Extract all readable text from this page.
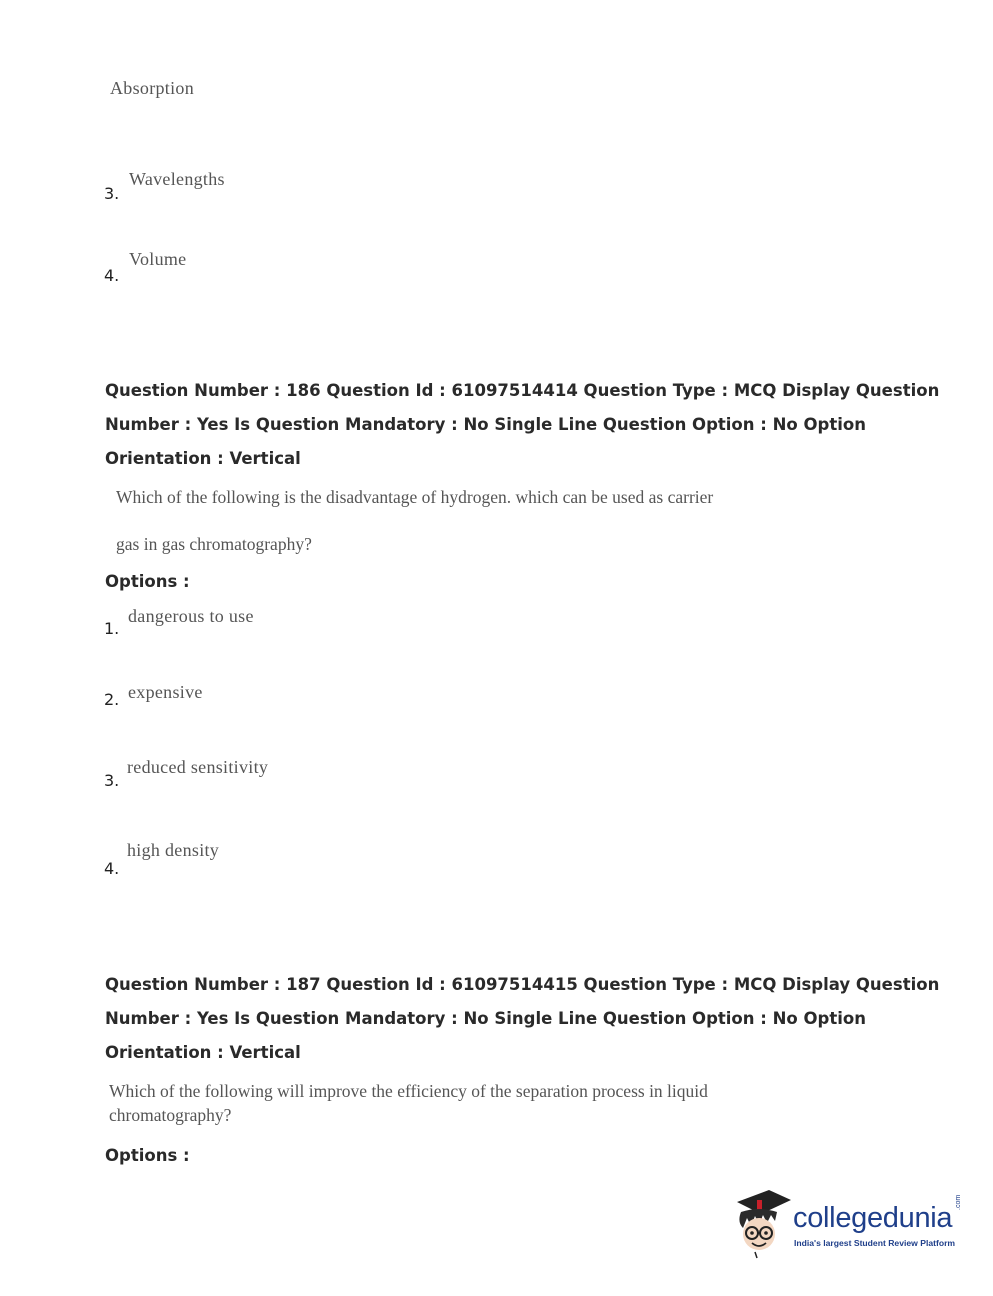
Absorption
3.
Wavelengths
4.
Volume
Question Number : 186 Question Id : 61097514414 Question Type : MCQ Display Question
Number : Yes Is Question Mandatory : No Single Line Question Option : No Option
Orientation : Vertical
Which of the following is the disadvantage of hydrogen. which can be used as carrier
gas in gas chromatography?
Options :
1.
dangerous to use
2. expensive
3.
reduced sensitivity
4.
high density
Question Number : 187 Question Id : 61097514415 Question Type : MCQ Display Question
Number : Yes Is Question Mandatory : No Single Line Question Option : No Option
Orientation : Vertical
Which of the following will improve the efficiency of the separation process in liquid
chromatography?
Options :
collegedunia .com
India's largest Student Review Platform
